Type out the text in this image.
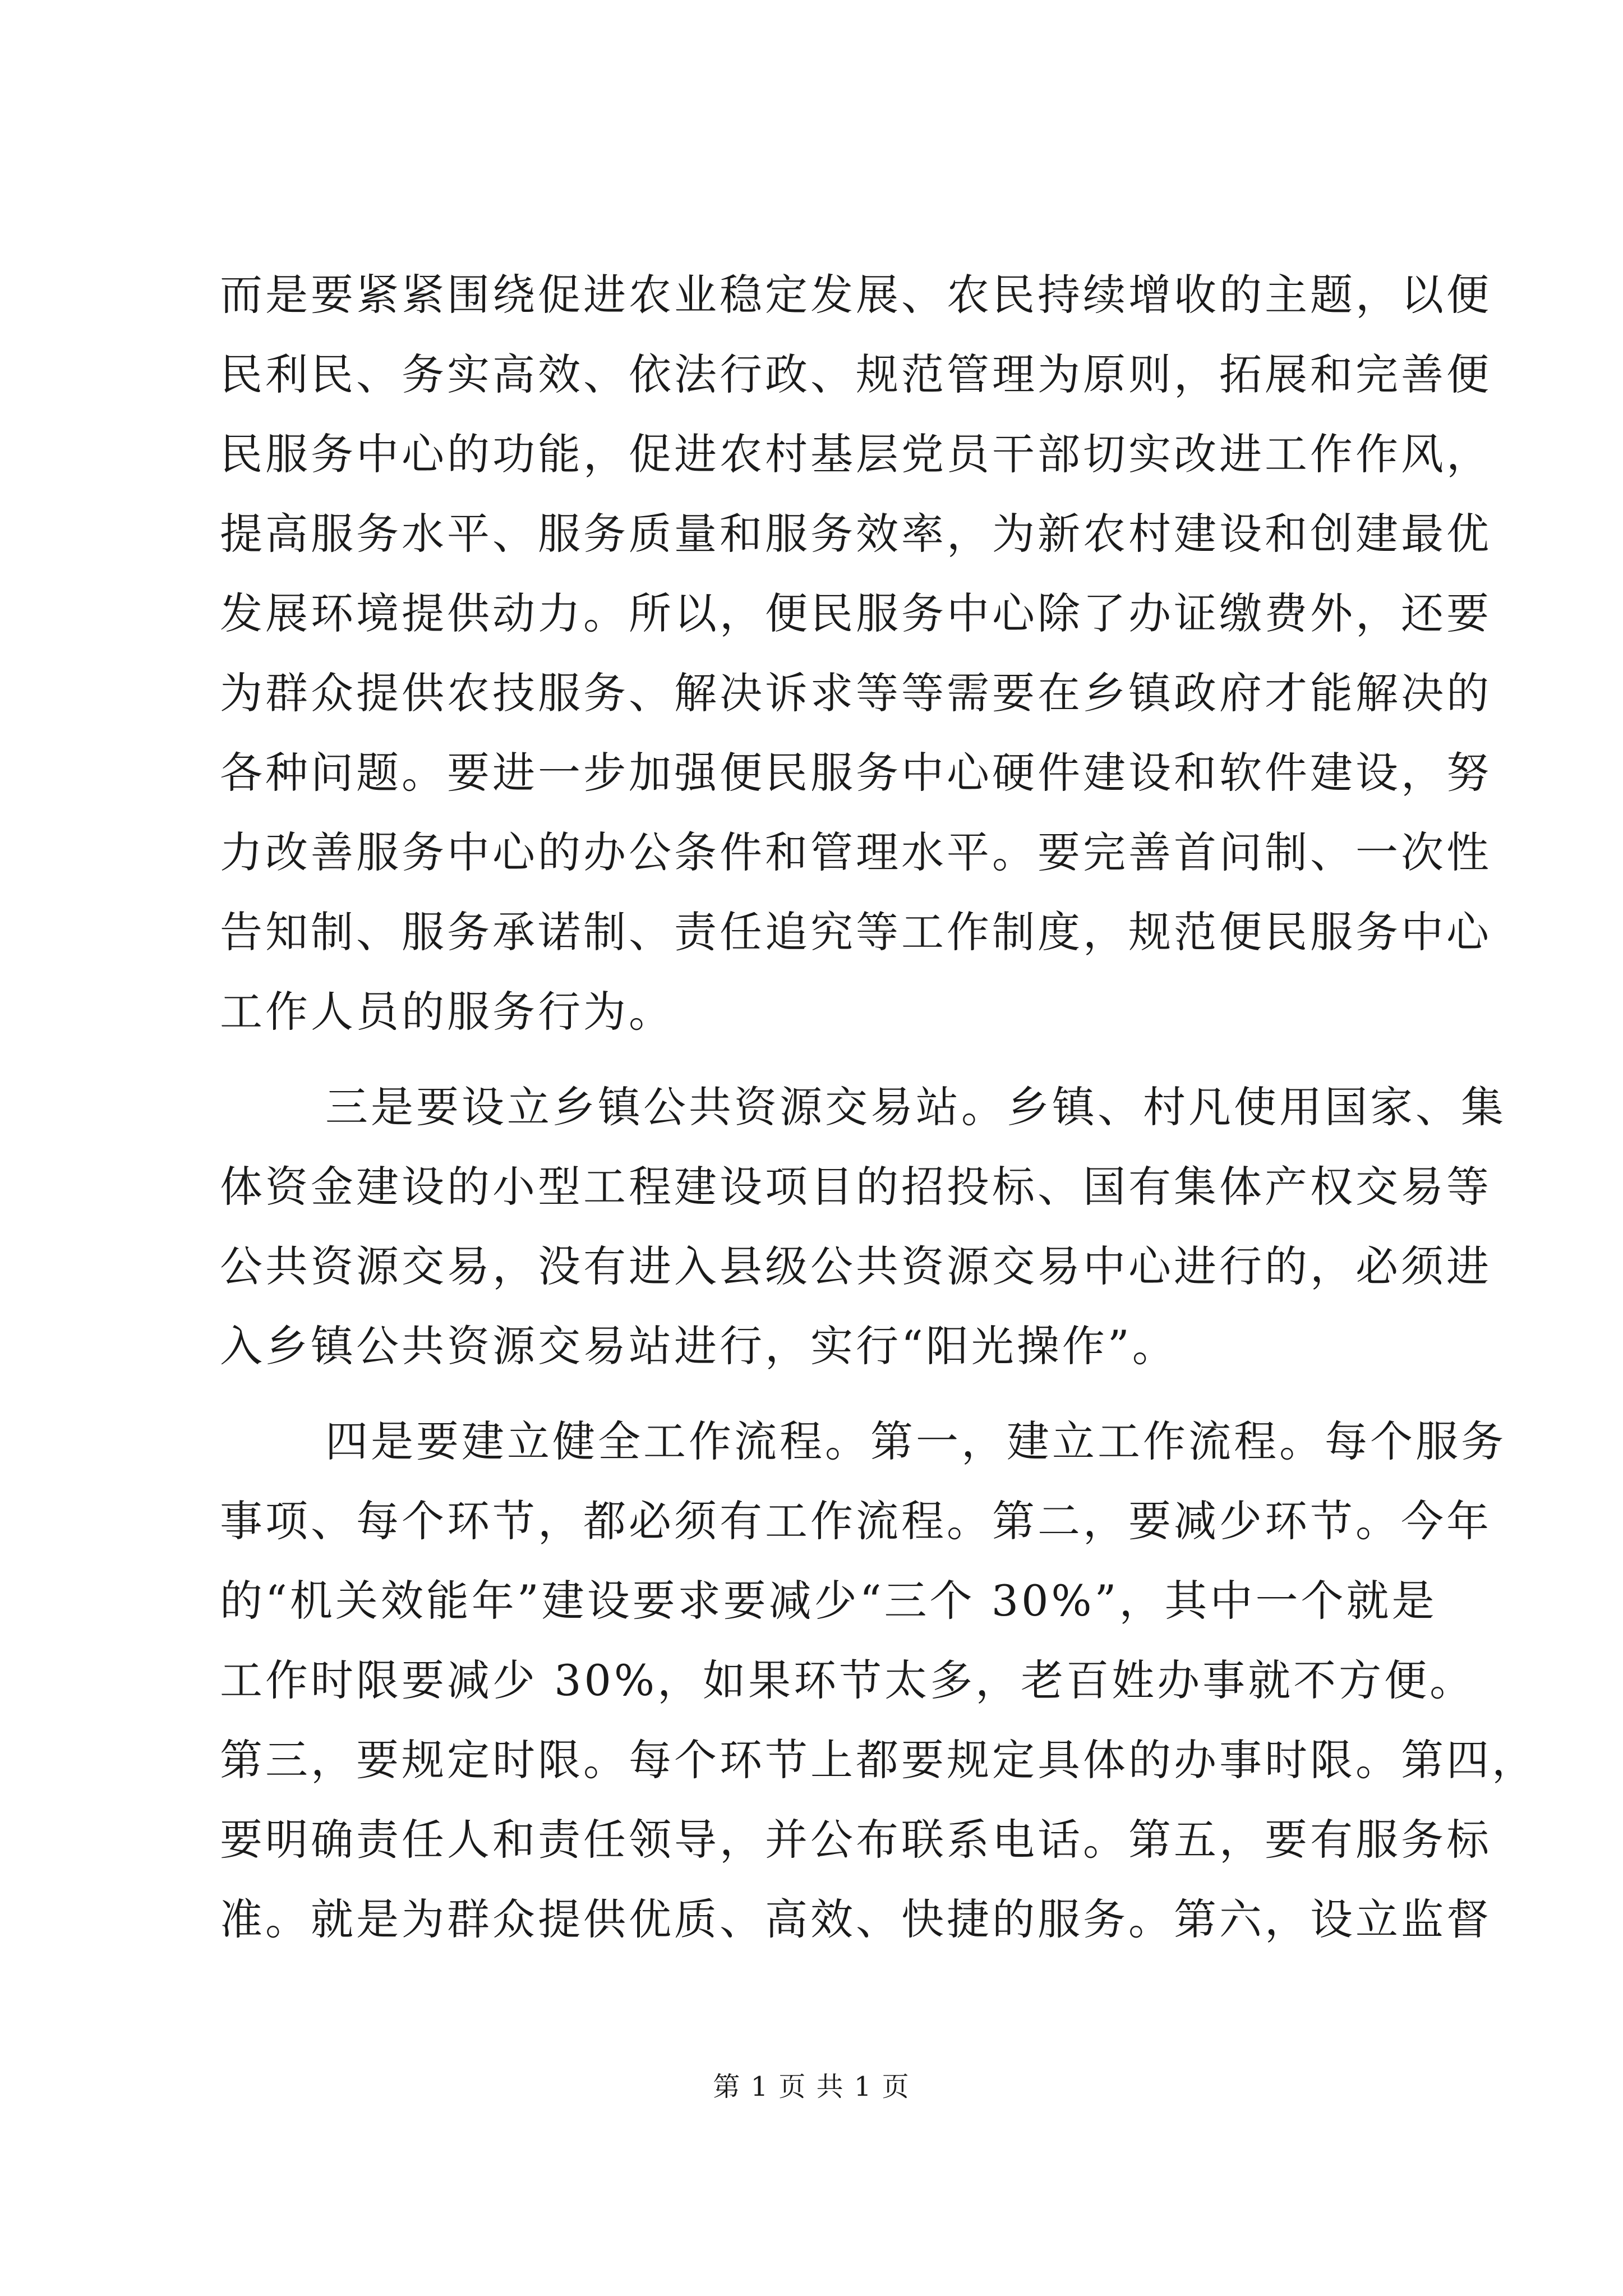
而是要紧紧围绕促进农业稳定发展、农民持续增收的主题，以便
民利民、务实高效、依法行政、规范管理为原则，拓展和完善便
民服务中心的功能，促进农村基层党员干部切实改进工作作风，
提高服务水平、服务质量和服务效率，为新农村建设和创建最优
发展环境提供动力。所以，便民服务中心除了办证缴费外，还要
为群众提供农技服务、解决诉求等等需要在乡镇政府才能解决的
各种问题。要进一步加强便民服务中心硬件建设和软件建设，努
力改善服务中心的办公条件和管理水平。要完善首问制、一次性
告知制、服务承诺制、责任追究等工作制度，规范便民服务中心
工作人员的服务行为。
三是要设立乡镇公共资源交易站。乡镇、村凡使用国家、集
体资金建设的小型工程建设项目的招投标、国有集体产权交易等
公共资源交易，没有进入县级公共资源交易中心进行的，必须进
入乡镇公共资源交易站进行，实行“阳光操作”。
四是要建立健全工作流程。第一，建立工作流程。每个服务
事项、每个环节，都必须有工作流程。第二，要减少环节。今年
的“机关效能年”建设要求要减少“三个 30%”，其中一个就是
工作时限要减少 30%，如果环节太多，老百姓办事就不方便。
第三，要规定时限。每个环节上都要规定具体的办事时限。第四，
要明确责任人和责任领导，并公布联系电话。第五，要有服务标
准。就是为群众提供优质、高效、快捷的服务。第六，设立监督
第 1 页 共 1 页
